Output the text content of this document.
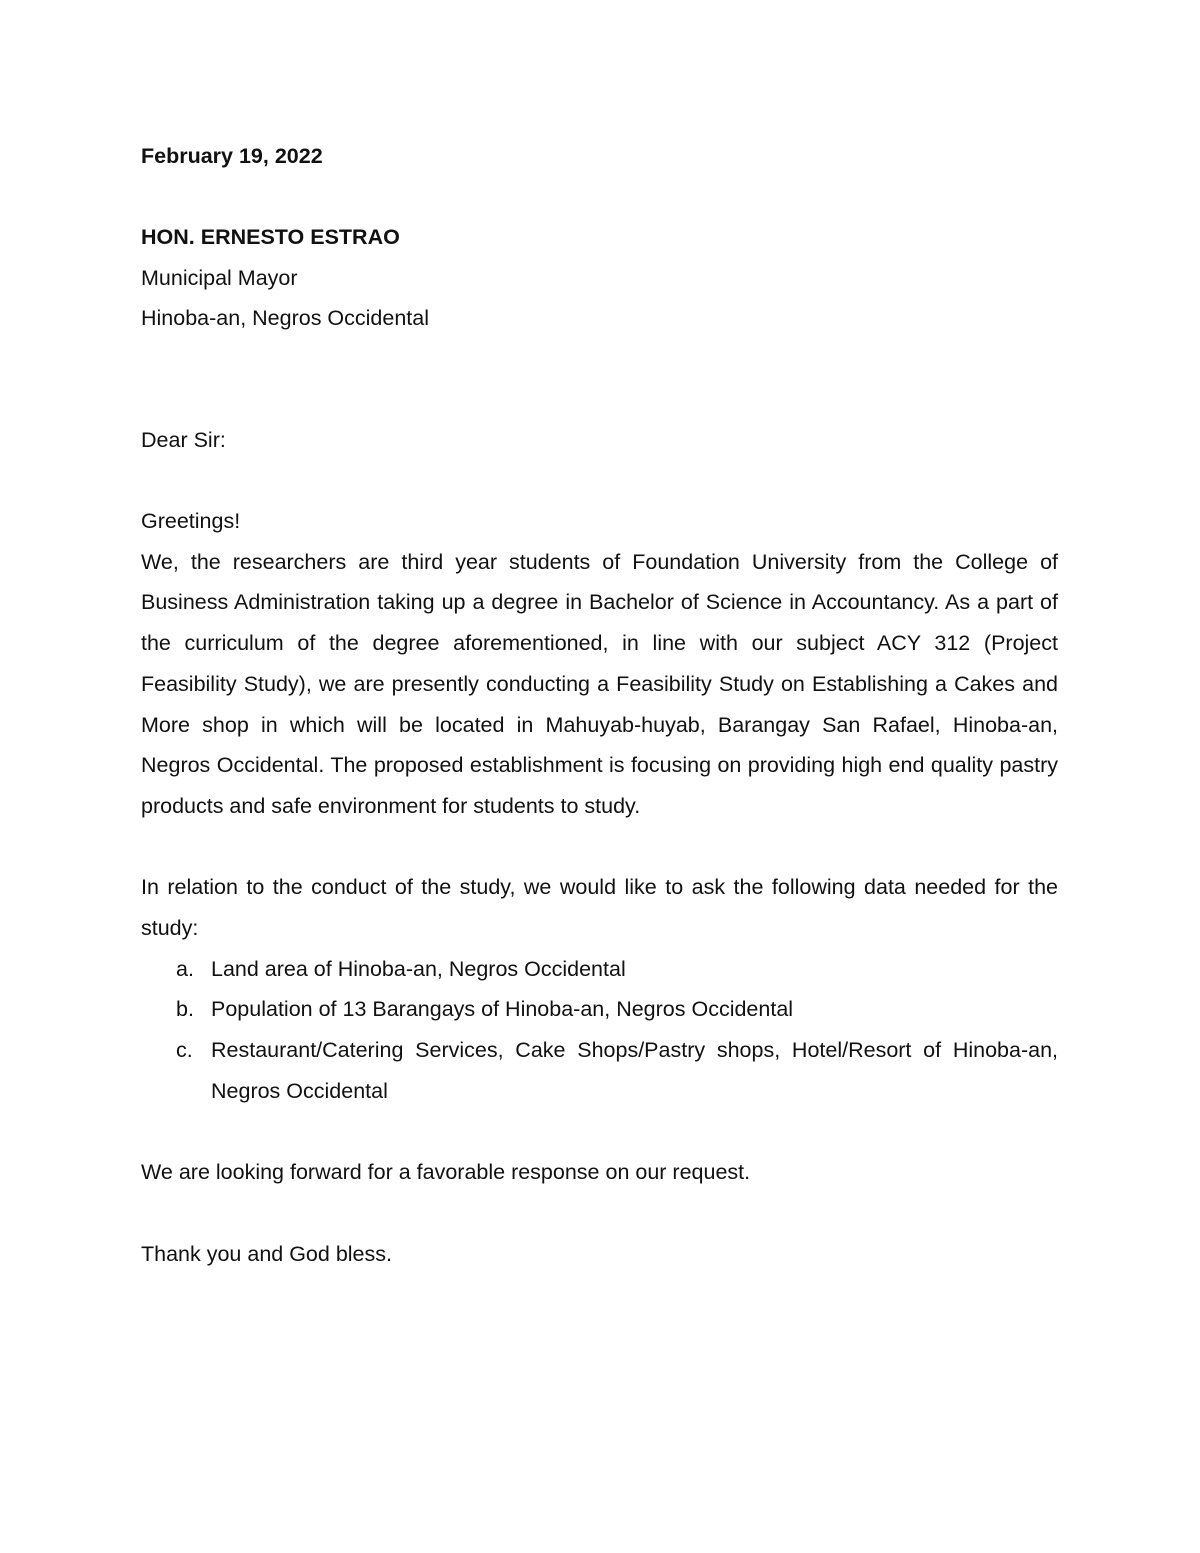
February 19, 2022

HON. ERNESTO ESTRAO
Municipal Mayor
Hinoba-an, Negros Occidental

Dear Sir:

Greetings!

We, the researchers are third year students of Foundation University from the College of Business Administration taking up a degree in Bachelor of Science in Accountancy. As a part of the curriculum of the degree aforementioned, in line with our subject ACY 312 (Project Feasibility Study), we are presently conducting a Feasibility Study on Establishing a Cakes and More shop in which will be located in Mahuyab-huyab, Barangay San Rafael, Hinoba-an, Negros Occidental. The proposed establishment is focusing on providing high end quality pastry products and safe environment for students to study.

In relation to the conduct of the study, we would like to ask the following data needed for the study:

a. Land area of Hinoba-an, Negros Occidental
b. Population of 13 Barangays of Hinoba-an, Negros Occidental
c. Restaurant/Catering Services, Cake Shops/Pastry shops, Hotel/Resort of Hinoba-an, Negros Occidental

We are looking forward for a favorable response on our request.

Thank you and God bless.
